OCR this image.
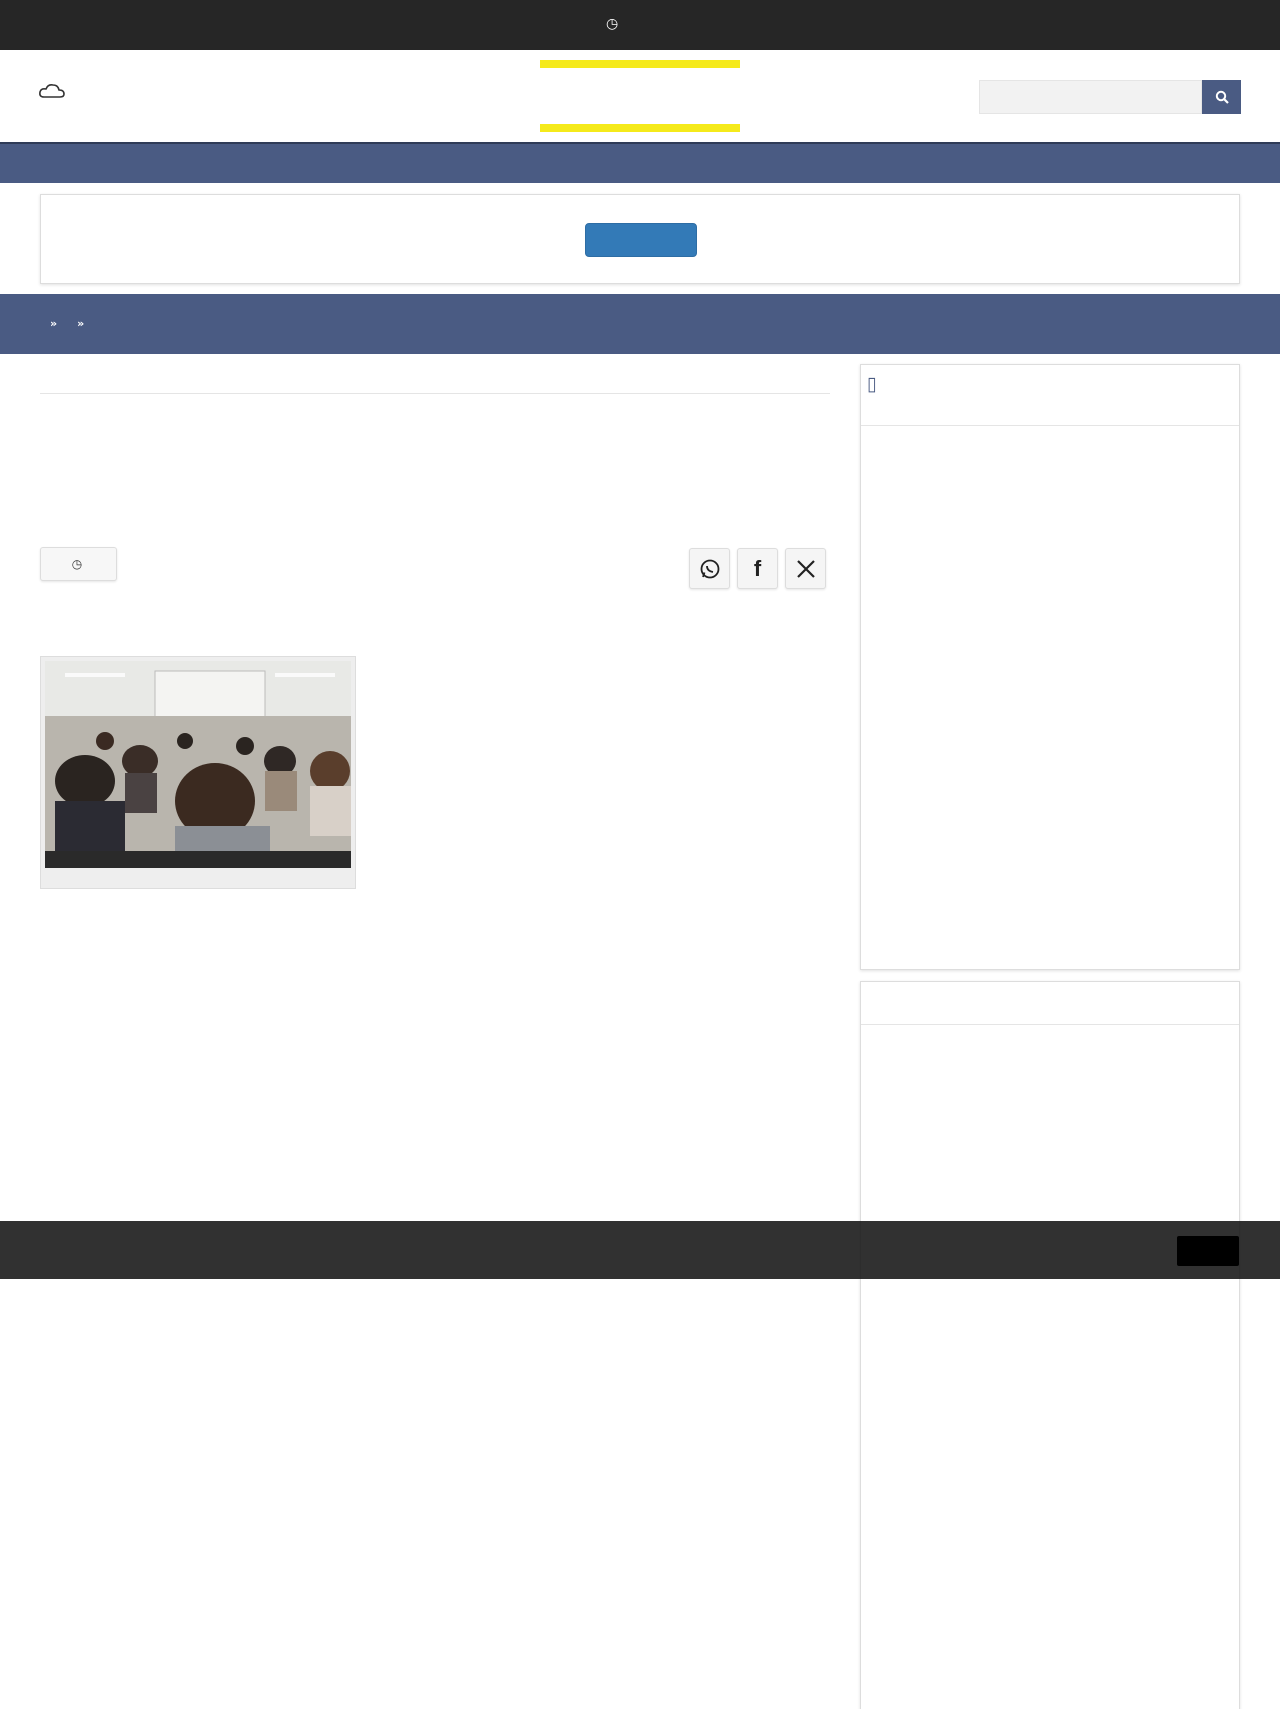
◷
» »
◷	f

▯
